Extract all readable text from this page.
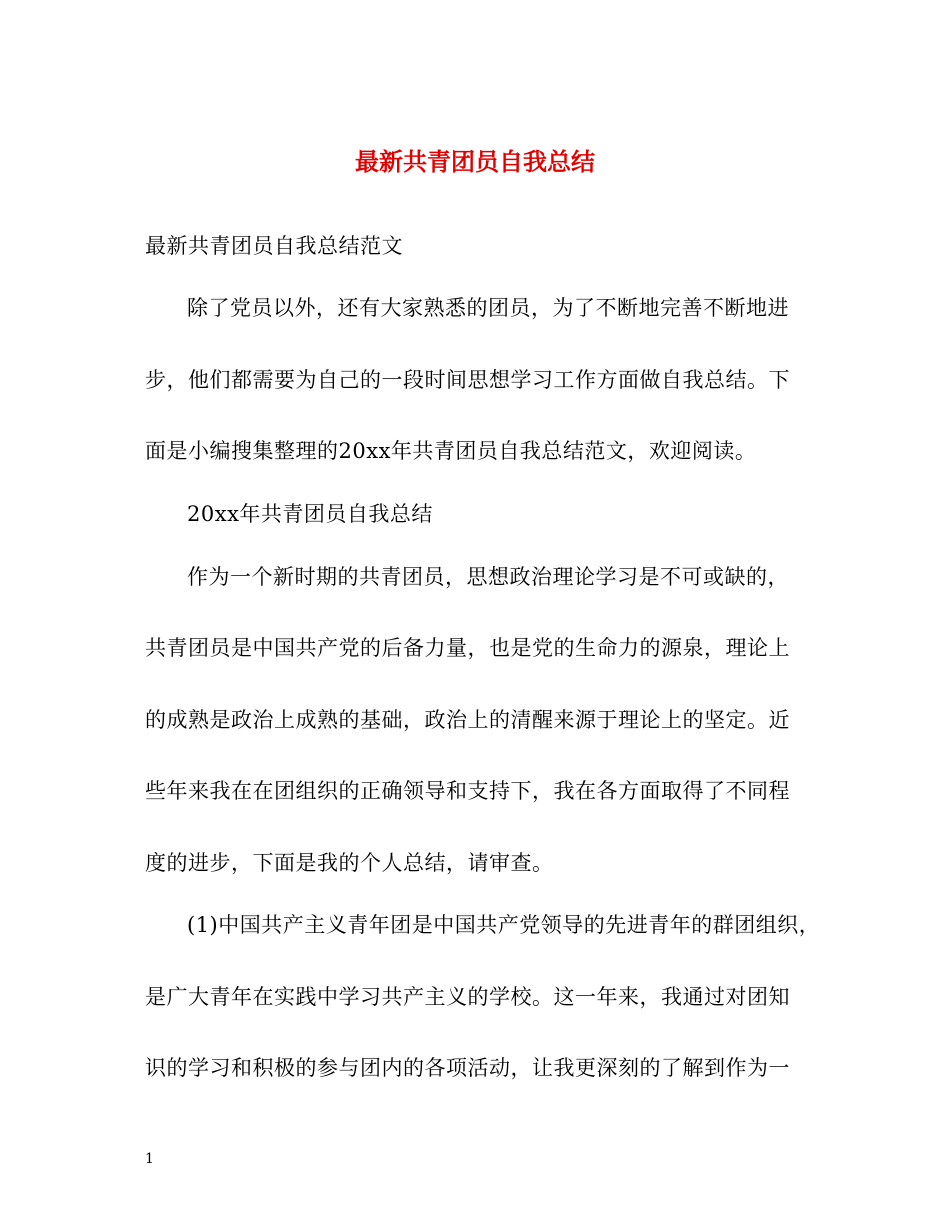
最新共青团员自我总结
最新共青团员自我总结范文
除了党员以外，还有大家熟悉的团员，为了不断地完善不断地进
步，他们都需要为自己的一段时间思想学习工作方面做自我总结。下
面是小编搜集整理的20xx年共青团员自我总结范文，欢迎阅读。
20xx年共青团员自我总结
作为一个新时期的共青团员，思想政治理论学习是不可或缺的，
共青团员是中国共产党的后备力量，也是党的生命力的源泉，理论上
的成熟是政治上成熟的基础，政治上的清醒来源于理论上的坚定。近
些年来我在在团组织的正确领导和支持下，我在各方面取得了不同程
度的进步，下面是我的个人总结，请审查。
(1)中国共产主义青年团是中国共产党领导的先进青年的群团组织，
是广大青年在实践中学习共产主义的学校。这一年来，我通过对团知
识的学习和积极的参与团内的各项活动，让我更深刻的了解到作为一
1
